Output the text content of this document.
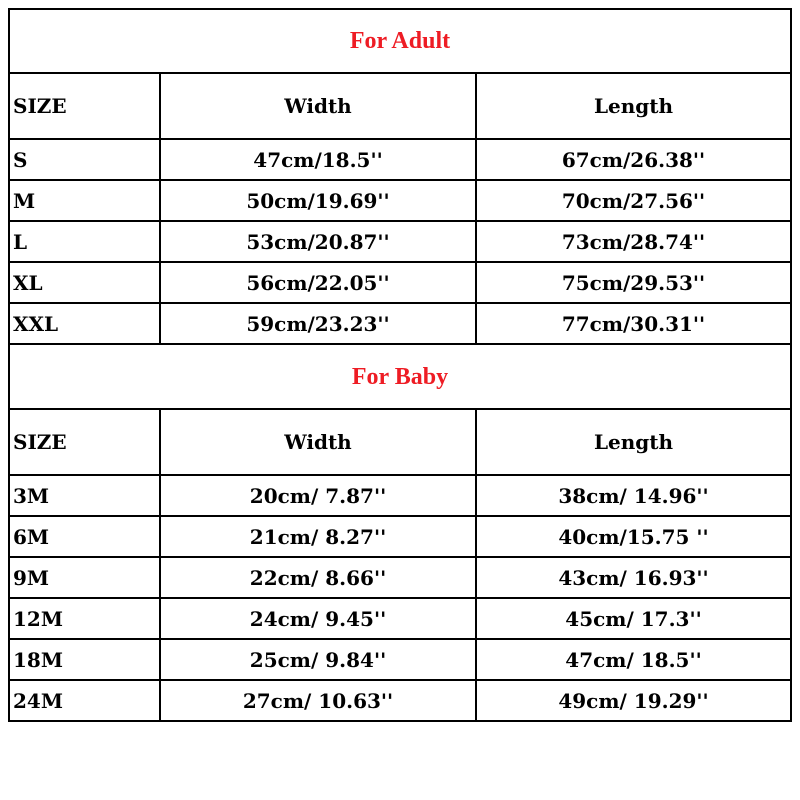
For Adult		
SIZE	Width	Length
S	47cm/18.5''	67cm/26.38''
M	50cm/19.69''	70cm/27.56''
L	53cm/20.87''	73cm/28.74''
XL	56cm/22.05''	75cm/29.53''
XXL	59cm/23.23''	77cm/30.31''
For Baby		
SIZE	Width	Length
3M	20cm/ 7.87''	38cm/ 14.96''
6M	21cm/ 8.27''	40cm/15.75 ''
9M	22cm/ 8.66''	43cm/ 16.93''
12M	24cm/ 9.45''	45cm/ 17.3''
18M	25cm/ 9.84''	47cm/ 18.5''
24M	27cm/ 10.63''	49cm/ 19.29''
